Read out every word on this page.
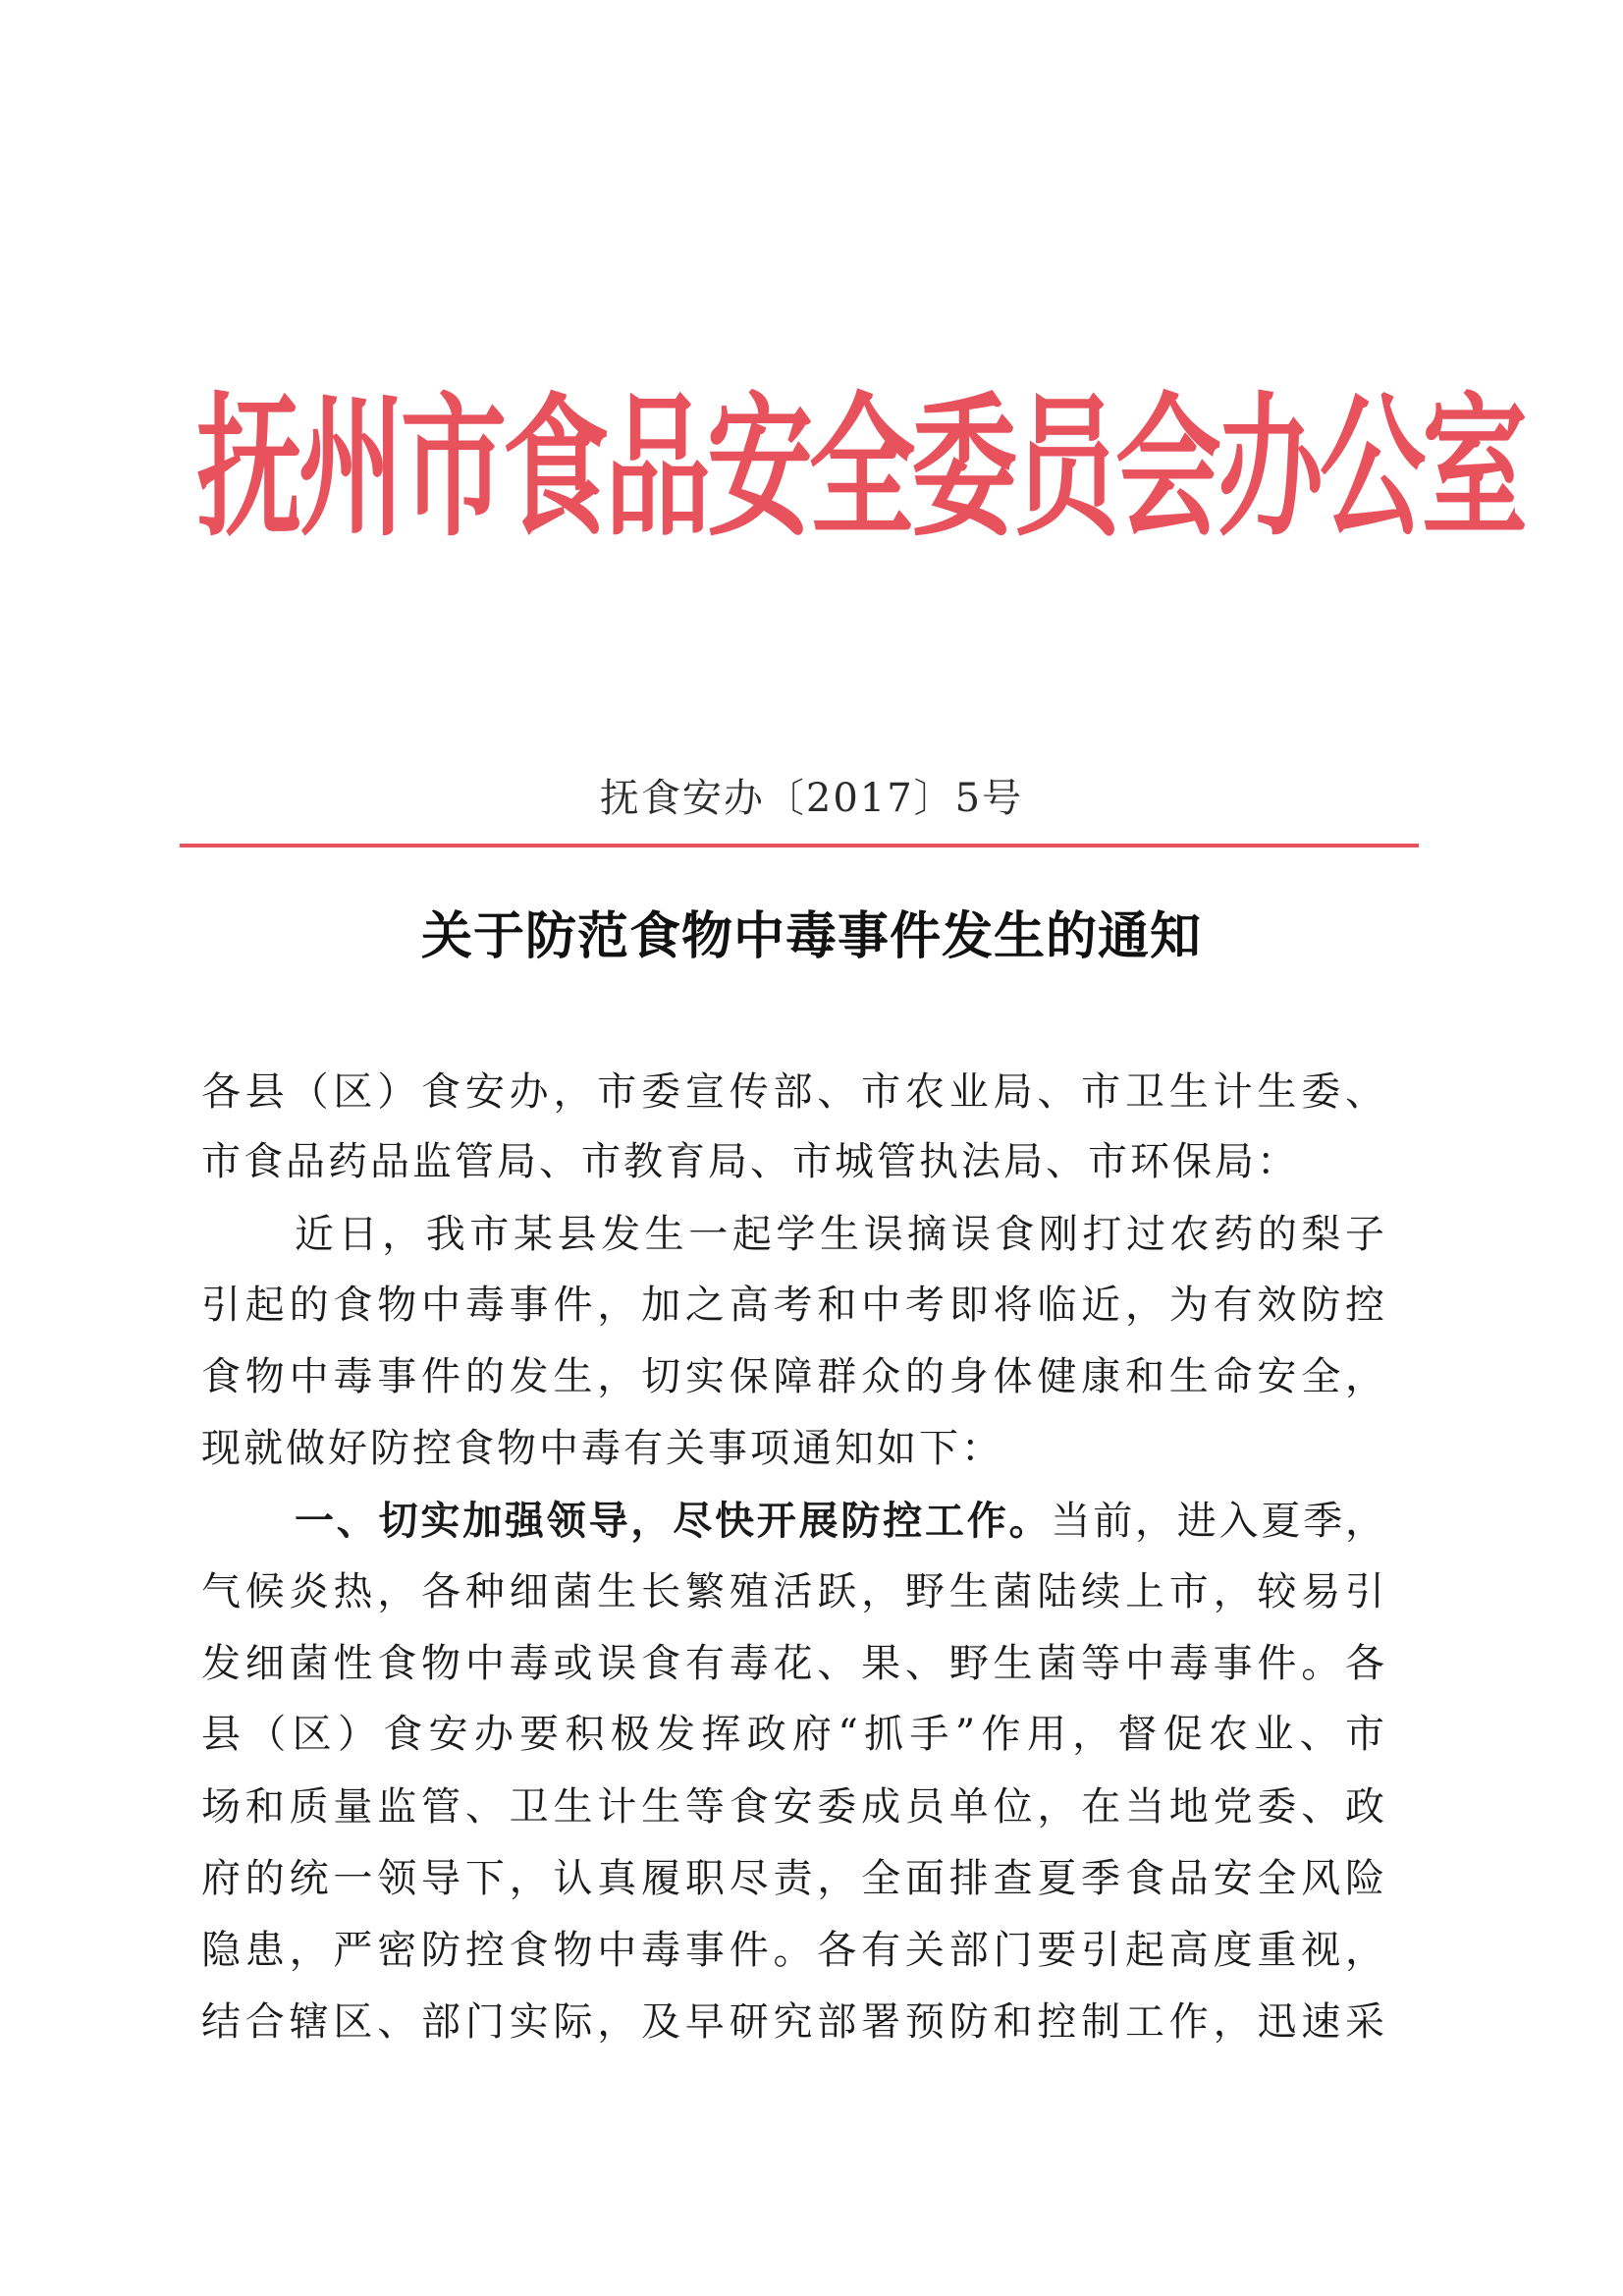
抚州市食品安全委员会办公室
抚食安办〔2017〕5号
关于防范食物中毒事件发生的通知
各县（区）食安办，市委宣传部、市农业局、市卫生计生委、
市食品药品监管局、市教育局、市城管执法局、市环保局：
近日，我市某县发生一起学生误摘误食刚打过农药的梨子
引起的食物中毒事件，加之高考和中考即将临近，为有效防控
食物中毒事件的发生，切实保障群众的身体健康和生命安全，
现就做好防控食物中毒有关事项通知如下：
一、切实加强领导，尽快开展防控工作。当前，进入夏季，
气候炎热，各种细菌生长繁殖活跃，野生菌陆续上市，较易引
发细菌性食物中毒或误食有毒花、果、野生菌等中毒事件。各
县（区）食安办要积极发挥政府“抓手”作用，督促农业、市
场和质量监管、卫生计生等食安委成员单位，在当地党委、政
府的统一领导下，认真履职尽责，全面排查夏季食品安全风险
隐患，严密防控食物中毒事件。各有关部门要引起高度重视，
结合辖区、部门实际，及早研究部署预防和控制工作，迅速采
